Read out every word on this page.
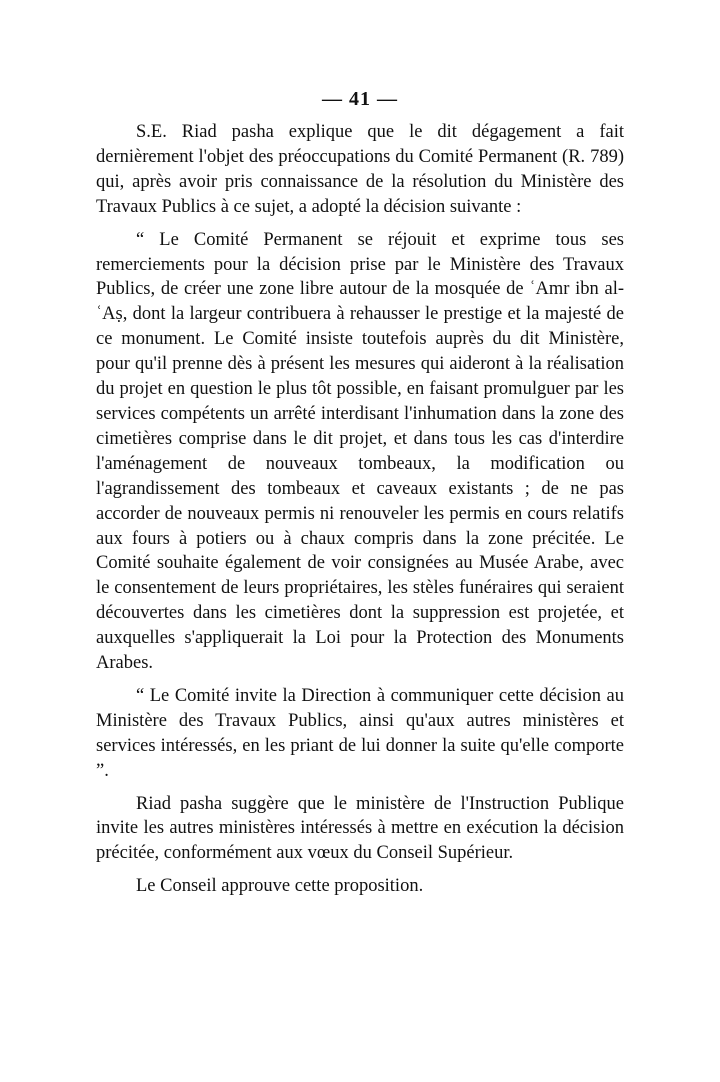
— 41 —

S.E. Riad pasha explique que le dit dégagement a fait dernièrement l'objet des préoccupations du Comité Permanent (R. 789) qui, après avoir pris connaissance de la résolution du Ministère des Travaux Publics à ce sujet, a adopté la décision suivante :

“ Le Comité Permanent se réjouit et exprime tous ses remerciements pour la décision prise par le Ministère des Travaux Publics, de créer une zone libre autour de la mosquée de ʿAmr ibn al-ʿAṣ, dont la largeur contribuera à rehausser le prestige et la majesté de ce monument. Le Comité insiste toutefois auprès du dit Ministère, pour qu'il prenne dès à présent les mesures qui aideront à la réalisation du projet en question le plus tôt possible, en faisant promulguer par les services compétents un arrêté interdisant l'inhumation dans la zone des cimetières comprise dans le dit projet, et dans tous les cas d'interdire l'aménagement de nouveaux tombeaux, la modification ou l'agrandissement des tombeaux et caveaux existants ; de ne pas accorder de nouveaux permis ni renouveler les permis en cours relatifs aux fours à potiers ou à chaux compris dans la zone précitée. Le Comité souhaite également de voir consignées au Musée Arabe, avec le consentement de leurs propriétaires, les stèles funéraires qui seraient découvertes dans les cimetières dont la suppression est projetée, et auxquelles s'appliquerait la Loi pour la Protection des Monuments Arabes.

“ Le Comité invite la Direction à communiquer cette décision au Ministère des Travaux Publics, ainsi qu'aux autres ministères et services intéressés, en les priant de lui donner la suite qu'elle comporte ”.

Riad pasha suggère que le ministère de l'Instruction Publique invite les autres ministères intéressés à mettre en exécution la décision précitée, conformément aux vœux du Conseil Supérieur.

Le Conseil approuve cette proposition.
